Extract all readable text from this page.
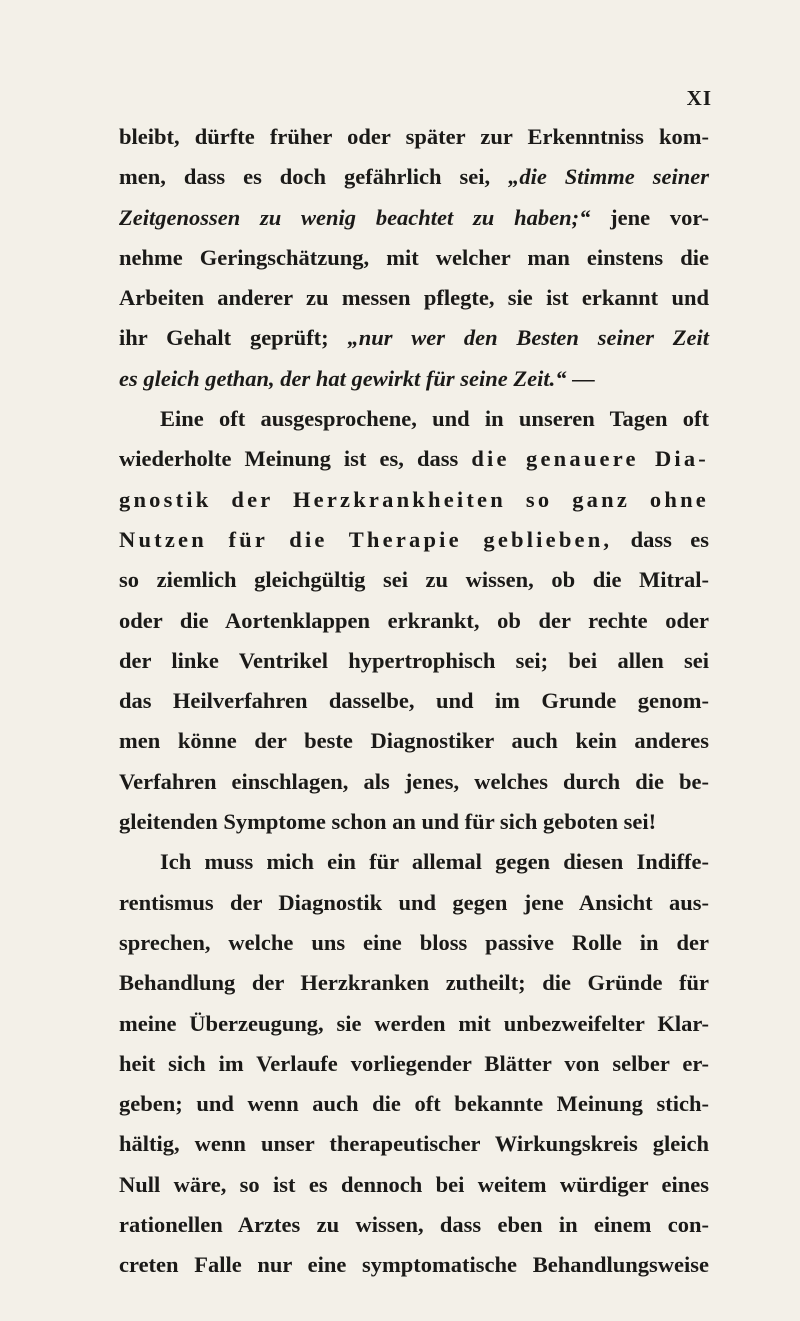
XI
bleibt, dürfte früher oder später zur Erkenntniss kom-
men, dass es doch gefährlich sei, „die Stimme seiner
Zeitgenossen zu wenig beachtet zu haben;“ jene vor-
nehme Geringschätzung, mit welcher man einstens die
Arbeiten anderer zu messen pflegte, sie ist erkannt und
ihr Gehalt geprüft; „nur wer den Besten seiner Zeit
es gleich gethan, der hat gewirkt für seine Zeit.“ —
Eine oft ausgesprochene, und in unseren Tagen oft
wiederholte Meinung ist es, dass die genauere Dia-
gnostik der Herzkrankheiten so ganz ohne
Nutzen für die Therapie geblieben, dass es
so ziemlich gleichgültig sei zu wissen, ob die Mitral-
oder die Aortenklappen erkrankt, ob der rechte oder
der linke Ventrikel hypertrophisch sei; bei allen sei
das Heilverfahren dasselbe, und im Grunde genom-
men könne der beste Diagnostiker auch kein anderes
Verfahren einschlagen, als jenes, welches durch die be-
gleitenden Symptome schon an und für sich geboten sei!
Ich muss mich ein für allemal gegen diesen Indiffe-
rentismus der Diagnostik und gegen jene Ansicht aus-
sprechen, welche uns eine bloss passive Rolle in der
Behandlung der Herzkranken zutheilt; die Gründe für
meine Überzeugung, sie werden mit unbezweifelter Klar-
heit sich im Verlaufe vorliegender Blätter von selber er-
geben; und wenn auch die oft bekannte Meinung stich-
hältig, wenn unser therapeutischer Wirkungskreis gleich
Null wäre, so ist es dennoch bei weitem würdiger eines
rationellen Arztes zu wissen, dass eben in einem con-
creten Falle nur eine symptomatische Behandlungsweise
